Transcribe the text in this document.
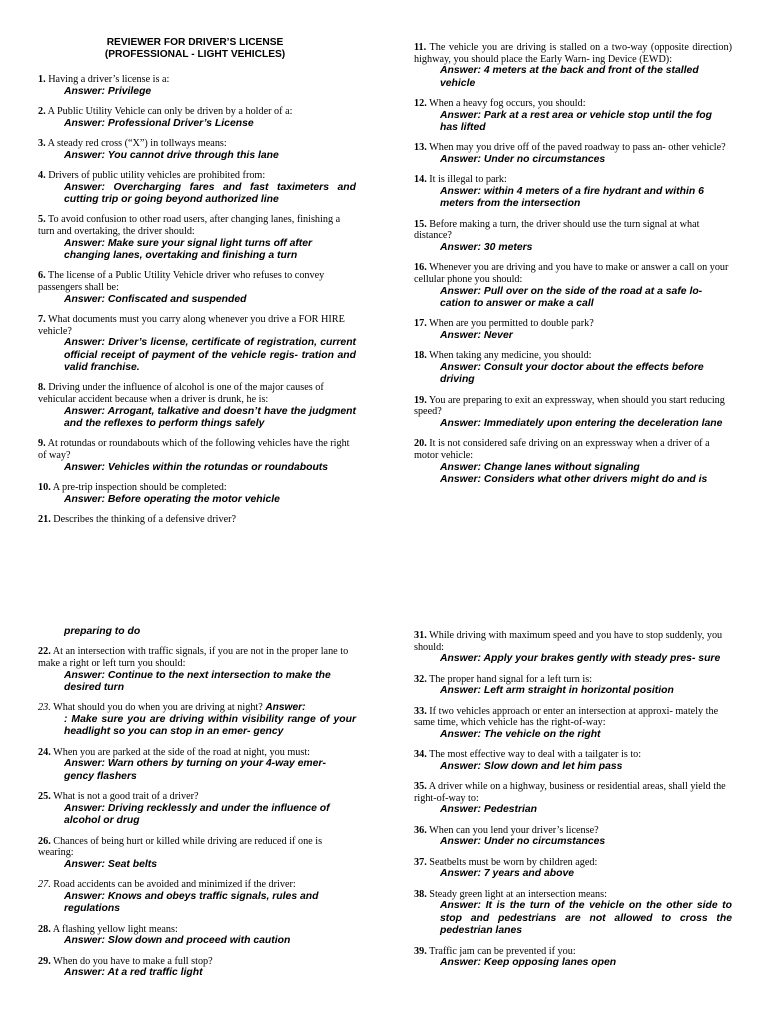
REVIEWER FOR DRIVER’S LICENSE
(PROFESSIONAL - LIGHT VEHICLES)
1. Having a driver’s license is a:
Answer: Privilege
2. A Public Utility Vehicle can only be driven by a holder of a:
Answer: Professional Driver’s License
3. A steady red cross (“X”) in tollways means:
Answer: You cannot drive through this lane
4. Drivers of public utility vehicles are prohibited from:
Answer: Overcharging fares and fast taximeters and cutting trip or going beyond authorized line
5. To avoid confusion to other road users, after changing lanes, finishing a turn and overtaking, the driver should:
Answer: Make sure your signal light turns off after changing lanes, overtaking and finishing a turn
6. The license of a Public Utility Vehicle driver who refuses to convey passengers shall be:
Answer: Confiscated and suspended
7. What documents must you carry along whenever you drive a FOR HIRE vehicle?
Answer: Driver’s license, certificate of registration, current official receipt of payment of the vehicle regis- tration and valid franchise.
8. Driving under the influence of alcohol is one of the major causes of vehicular accident because when a driver is drunk, he is:
Answer: Arrogant, talkative and doesn’t have the judgment and the reflexes to perform things safely
9. At rotundas or roundabouts which of the following vehicles have the right of way?
Answer: Vehicles within the rotundas or roundabouts
10. A pre-trip inspection should be completed:
Answer: Before operating the motor vehicle
21. Describes the thinking of a defensive driver?
11. The vehicle you are driving is stalled on a two-way (opposite direction) highway, you should place the Early Warn- ing Device (EWD):
Answer: 4 meters at the back and front of the stalled vehicle
12. When a heavy fog occurs, you should:
Answer: Park at a rest area or vehicle stop until the fog has lifted
13. When may you drive off of the paved roadway to pass an- other vehicle?
Answer: Under no circumstances
14. It is illegal to park:
Answer: within 4 meters of a fire hydrant and within 6 meters from the intersection
15. Before making a turn, the driver should use the turn signal at what distance?
Answer: 30 meters
16. Whenever you are driving and you have to make or answer a call on your cellular phone you should:
Answer: Pull over on the side of the road at a safe lo- cation to answer or make a call
17. When are you permitted to double park?
Answer: Never
18. When taking any medicine, you should:
Answer: Consult your doctor about the effects before driving
19. You are preparing to exit an expressway, when should you start reducing speed?
Answer: Immediately upon entering the deceleration lane
20. It is not considered safe driving on an expressway when a driver of a motor vehicle:
Answer: Change lanes without signaling
Answer: Considers what other drivers might do and is
preparing to do
22. At an intersection with traffic signals, if you are not in the proper lane to make a right or left turn you should:
Answer: Continue to the next intersection to make the desired turn
23. What should you do when you are driving at night? Answer:
: Make sure you are driving within visibility range of your headlight so you can stop in an emer- gency
24. When you are parked at the side of the road at night, you must:
Answer: Warn others by turning on your 4-way emer- gency flashers
25. What is not a good trait of a driver?
Answer: Driving recklessly and under the influence of alcohol or drug
26. Chances of being hurt or killed while driving are reduced if one is wearing:
Answer: Seat belts
27. Road accidents can be avoided and minimized if the driver:
Answer: Knows and obeys traffic signals, rules and regulations
28. A flashing yellow light means:
Answer: Slow down and proceed with caution
29. When do you have to make a full stop?
Answer: At a red traffic light
31. While driving with maximum speed and you have to stop suddenly, you should:
Answer: Apply your brakes gently with steady pres- sure
32. The proper hand signal for a left turn is:
Answer: Left arm straight in horizontal position
33. If two vehicles approach or enter an intersection at approxi- mately the same time, which vehicle has the right-of-way:
Answer: The vehicle on the right
34. The most effective way to deal with a tailgater is to:
Answer: Slow down and let him pass
35. A driver while on a highway, business or residential areas, shall yield the right-of-way to:
Answer: Pedestrian
36. When can you lend your driver’s license?
Answer: Under no circumstances
37. Seatbelts must be worn by children aged:
Answer: 7 years and above
38. Steady green light at an intersection means:
Answer: It is the turn of the vehicle on the other side to stop and pedestrians are not allowed to cross the pedestrian lanes
39. Traffic jam can be prevented if you:
Answer: Keep opposing lanes open
